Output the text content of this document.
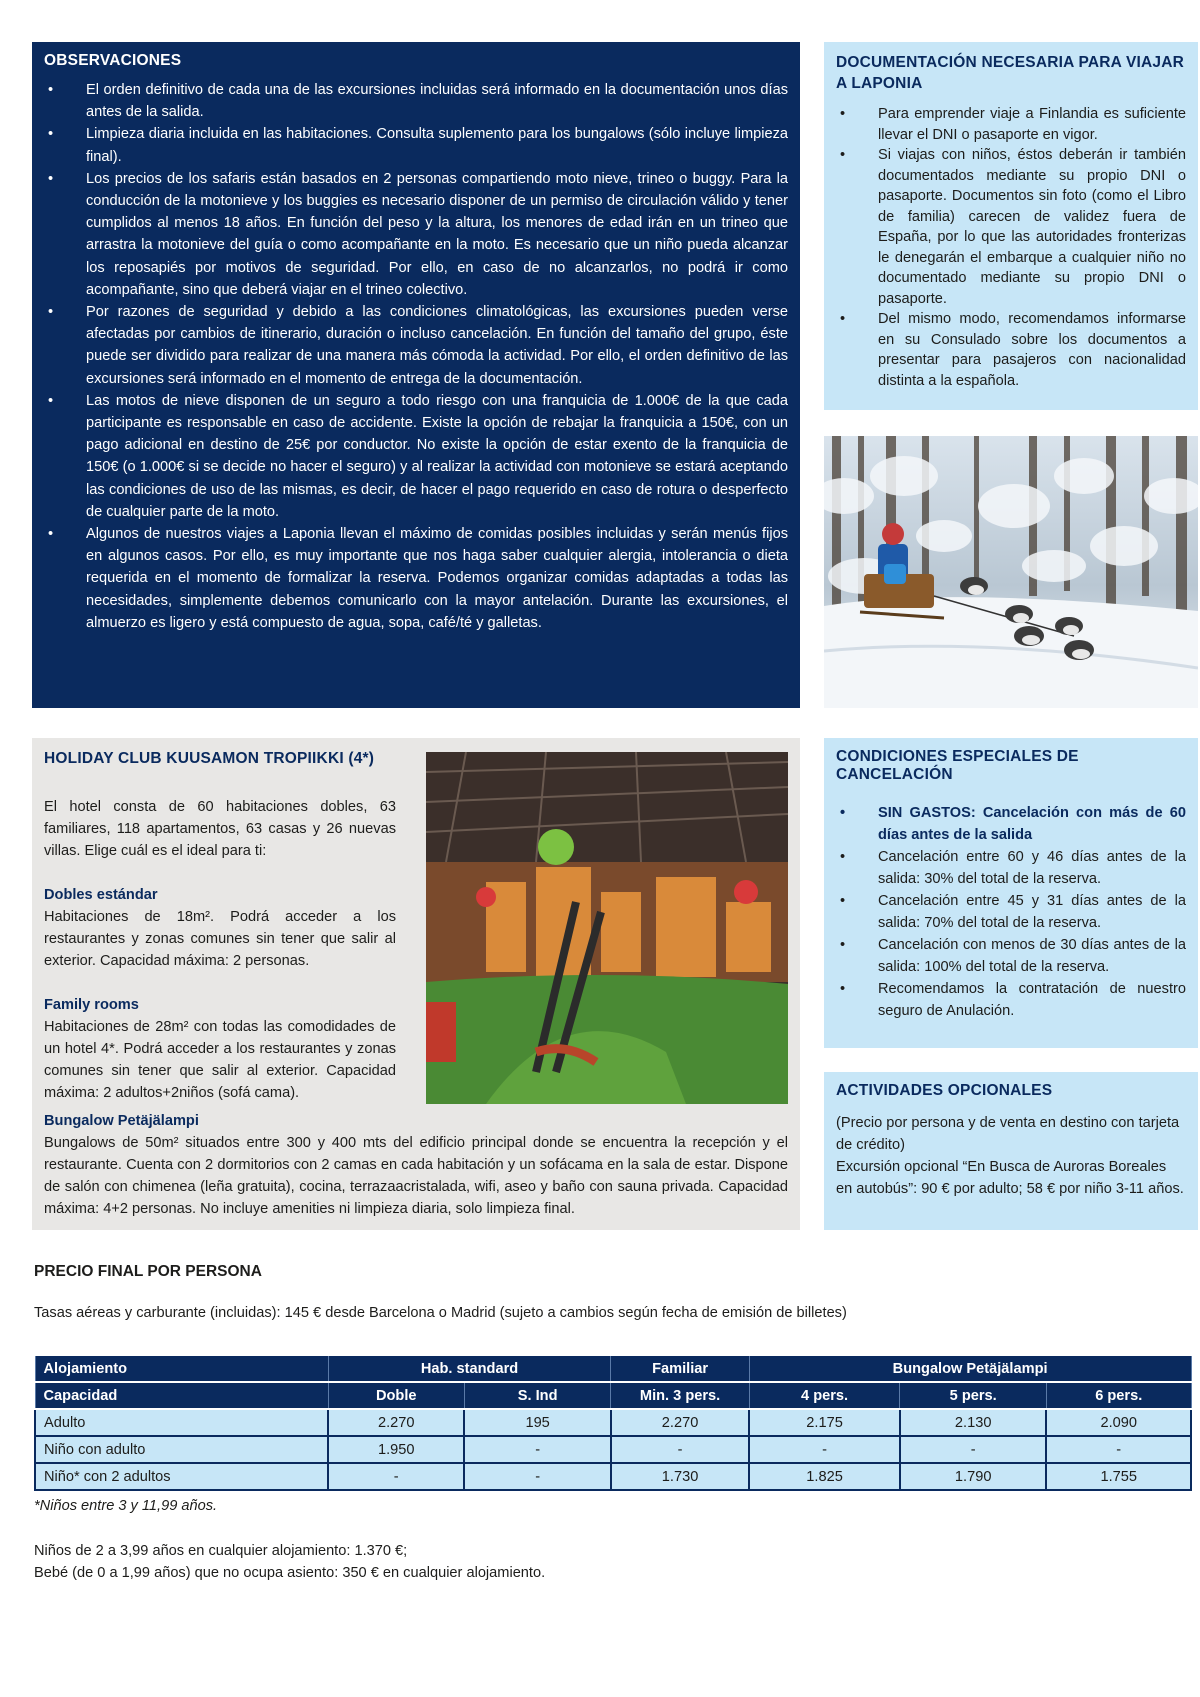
OBSERVACIONES
• El orden definitivo de cada una de las excursiones incluidas será informado en la documentación unos días antes de la salida.
• Limpieza diaria incluida en las habitaciones. Consulta suplemento para los bungalows (sólo incluye limpieza final).
• Los precios de los safaris están basados en 2 personas compartiendo moto nieve, trineo o buggy. Para la conducción de la motonieve y los buggies es necesario disponer de un permiso de circulación válido y tener cumplidos al menos 18 años. En función del peso y la altura, los menores de edad irán en un trineo que arrastra la motonieve del guía o como acompañante en la moto. Es necesario que un niño pueda alcanzar los reposapiés por motivos de seguridad. Por ello, en caso de no alcanzarlos, no podrá ir como acompañante, sino que deberá viajar en el trineo colectivo.
• Por razones de seguridad y debido a las condiciones climatológicas, las excursiones pueden verse afectadas por cambios de itinerario, duración o incluso cancelación. En función del tamaño del grupo, éste puede ser dividido para realizar de una manera más cómoda la actividad. Por ello, el orden definitivo de las excursiones será informado en el momento de entrega de la documentación.
• Las motos de nieve disponen de un seguro a todo riesgo con una franquicia de 1.000€ de la que cada participante es responsable en caso de accidente. Existe la opción de rebajar la franquicia a 150€, con un pago adicional en destino de 25€ por conductor. No existe la opción de estar exento de la franquicia de 150€ (o 1.000€ si se decide no hacer el seguro) y al realizar la actividad con motonieve se estará aceptando las condiciones de uso de las mismas, es decir, de hacer el pago requerido en caso de rotura o desperfecto de cualquier parte de la moto.
• Algunos de nuestros viajes a Laponia llevan el máximo de comidas posibles incluidas y serán menús fijos en algunos casos. Por ello, es muy importante que nos haga saber cualquier alergia, intolerancia o dieta requerida en el momento de formalizar la reserva. Podemos organizar comidas adaptadas a todas las necesidades, simplemente debemos comunicarlo con la mayor antelación. Durante las excursiones, el almuerzo es ligero y está compuesto de agua, sopa, café/té y galletas.
DOCUMENTACIÓN NECESARIA PARA VIAJAR A LAPONIA
• Para emprender viaje a Finlandia es suficiente llevar el DNI o pasaporte en vigor.
• Si viajas con niños, éstos deberán ir también documentados mediante su propio DNI o pasaporte. Documentos sin foto (como el Libro de familia) carecen de validez fuera de España, por lo que las autoridades fronterizas le denegarán el embarque a cualquier niño no documentado mediante su propio DNI o pasaporte.
• Del mismo modo, recomendamos informarse en su Consulado sobre los documentos a presentar para pasajeros con nacionalidad distinta a la española.
HOLIDAY CLUB KUUSAMON TROPIIKKI (4*)

El hotel consta de 60 habitaciones dobles, 63 familiares, 118 apartamentos, 63 casas y 26 nuevas villas. Elige cuál es el ideal para ti:

Dobles estándar

Habitaciones de 18m². Podrá acceder a los restaurantes y zonas comunes sin tener que salir al exterior. Capacidad máxima: 2 personas.

Family rooms

Habitaciones de 28m² con todas las comodidades de un hotel 4*. Podrá acceder a los restaurantes y zonas comunes sin tener que salir al exterior. Capacidad máxima: 2 adultos+2niños (sofá cama).

Bungalow Petäjälampi

Bungalows de 50m² situados entre 300 y 400 mts del edificio principal donde se encuentra la recepción y el restaurante. Cuenta con 2 dormitorios con 2 camas en cada habitación y un sofácama en la sala de estar. Dispone de salón con chimenea (leña gratuita), cocina, terrazaacristalada, wifi, aseo y baño con sauna privada. Capacidad máxima: 4+2 personas. No incluye amenities ni limpieza diaria, solo limpieza final.

CONDICIONES ESPECIALES DE CANCELACIÓN
• SIN GASTOS: Cancelación con más de 60 días antes de la salida
• Cancelación entre 60 y 46 días antes de la salida: 30% del total de la reserva.
• Cancelación entre 45 y 31 días antes de la salida: 70% del total de la reserva.
• Cancelación con menos de 30 días antes de la salida: 100% del total de la reserva.
• Recomendamos la contratación de nuestro seguro de Anulación.
ACTIVIDADES OPCIONALES

(Precio por persona y de venta en destino con tarjeta de crédito)
Excursión opcional “En Busca de Auroras Boreales en autobús”: 90 € por adulto; 58 € por niño 3-11 años.

PRECIO FINAL POR PERSONA
Tasas aéreas y carburante (incluidas): 145 € desde Barcelona o Madrid (sujeto a cambios según fecha de emisión de billetes)
Alojamiento	Hab. standard		Familiar	Bungalow Petäjälampi		
Capacidad	Doble	S. Ind	Min. 3 pers.	4 pers.	5 pers.	6 pers.
Adulto	2.270	195	2.270	2.175	2.130	2.090
Niño con adulto	1.950	-	-	-	-	-
Niño* con 2 adultos	-	-	1.730	1.825	1.790	1.755
*Niños entre 3 y 11,99 años.

Niños de 2 a 3,99 años en cualquier alojamiento: 1.370 €;

Bebé (de 0 a 1,99 años) que no ocupa asiento: 350 € en cualquier alojamiento.
